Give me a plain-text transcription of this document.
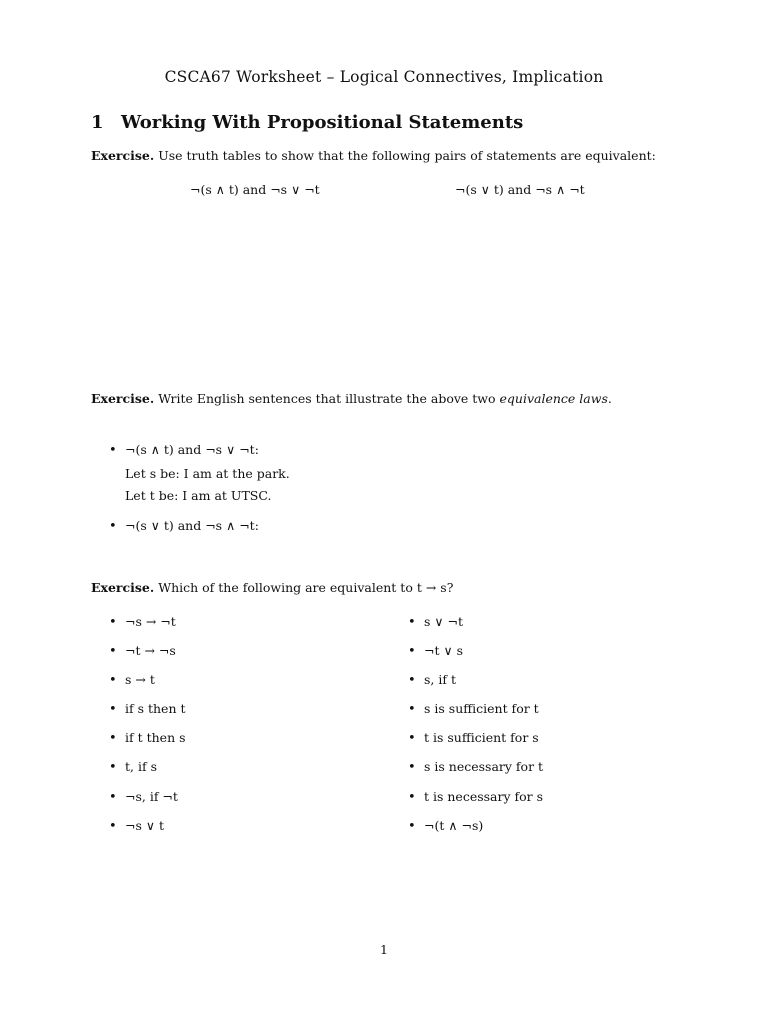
CSCA67 Worksheet – Logical Connectives, Implication
1 Working With Propositional Statements
Exercise. Use truth tables to show that the following pairs of statements are equivalent:
¬(s ∧ t) and ¬s ∨ ¬t	¬(s ∨ t) and ¬s ∧ ¬t
Exercise. Write English sentences that illustrate the above two equivalence laws.
• ¬(s ∧ t) and ¬s ∨ ¬t:
Let s be: I am at the park.
Let t be: I am at UTSC.
• ¬(s ∨ t) and ¬s ∧ ¬t:
Exercise. Which of the following are equivalent to t → s?
• ¬s → ¬t
• ¬t → ¬s
• s → t
• if s then t
• if t then s
• t, if s
• ¬s, if ¬t
• ¬s ∨ t
• s ∨ ¬t
• ¬t ∨ s
• s, if t
• s is sufficient for t
• t is sufficient for s
• s is necessary for t
• t is necessary for s
• ¬(t ∧ ¬s)
1
